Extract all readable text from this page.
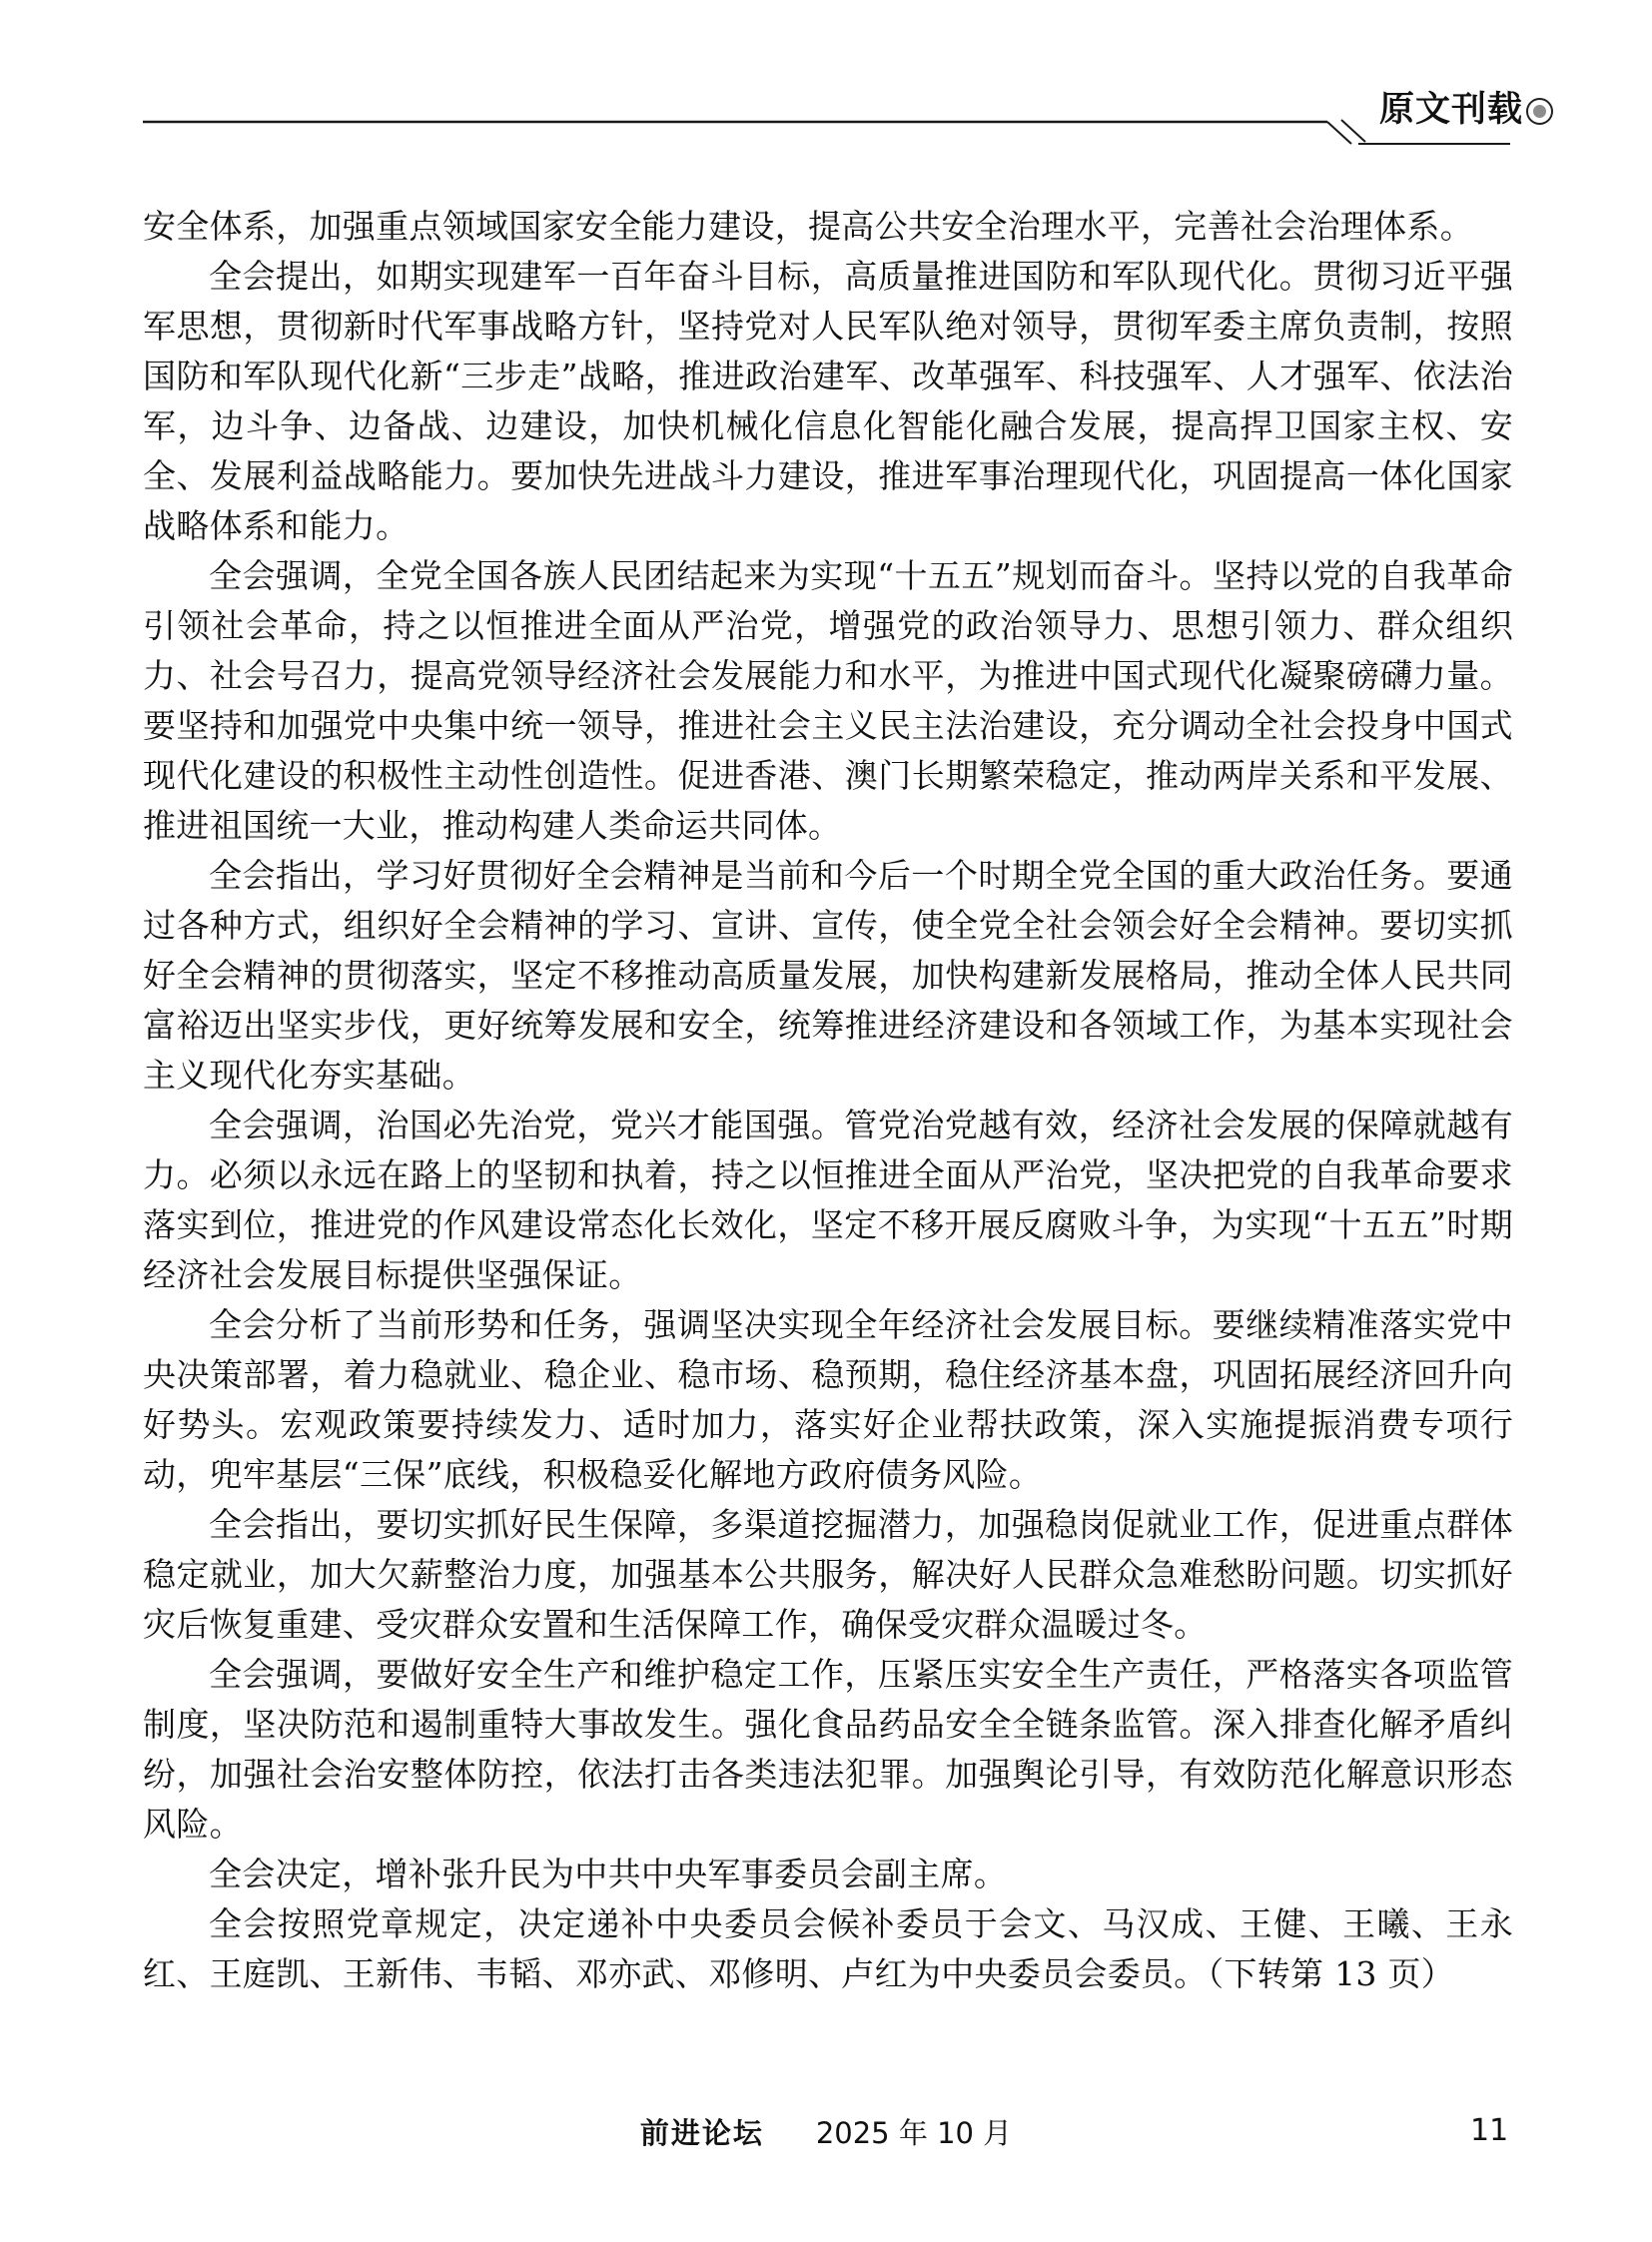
原文刊载

安全体系，加强重点领域国家安全能力建设，提高公共安全治理水平，完善社会治理体系。

全会提出，如期实现建军一百年奋斗目标，高质量推进国防和军队现代化。贯彻习近平强军思想，贯彻新时代军事战略方针，坚持党对人民军队绝对领导，贯彻军委主席负责制，按照国防和军队现代化新“三步走”战略，推进政治建军、改革强军、科技强军、人才强军、依法治军，边斗争、边备战、边建设，加快机械化信息化智能化融合发展，提高捍卫国家主权、安全、发展利益战略能力。要加快先进战斗力建设，推进军事治理现代化，巩固提高一体化国家战略体系和能力。

全会强调，全党全国各族人民团结起来为实现“十五五”规划而奋斗。坚持以党的自我革命引领社会革命，持之以恒推进全面从严治党，增强党的政治领导力、思想引领力、群众组织力、社会号召力，提高党领导经济社会发展能力和水平，为推进中国式现代化凝聚磅礴力量。要坚持和加强党中央集中统一领导，推进社会主义民主法治建设，充分调动全社会投身中国式现代化建设的积极性主动性创造性。促进香港、澳门长期繁荣稳定，推动两岸关系和平发展、推进祖国统一大业，推动构建人类命运共同体。

全会指出，学习好贯彻好全会精神是当前和今后一个时期全党全国的重大政治任务。要通过各种方式，组织好全会精神的学习、宣讲、宣传，使全党全社会领会好全会精神。要切实抓好全会精神的贯彻落实，坚定不移推动高质量发展，加快构建新发展格局，推动全体人民共同富裕迈出坚实步伐，更好统筹发展和安全，统筹推进经济建设和各领域工作，为基本实现社会主义现代化夯实基础。

全会强调，治国必先治党，党兴才能国强。管党治党越有效，经济社会发展的保障就越有力。必须以永远在路上的坚韧和执着，持之以恒推进全面从严治党，坚决把党的自我革命要求落实到位，推进党的作风建设常态化长效化，坚定不移开展反腐败斗争，为实现“十五五”时期经济社会发展目标提供坚强保证。

全会分析了当前形势和任务，强调坚决实现全年经济社会发展目标。要继续精准落实党中央决策部署，着力稳就业、稳企业、稳市场、稳预期，稳住经济基本盘，巩固拓展经济回升向好势头。宏观政策要持续发力、适时加力，落实好企业帮扶政策，深入实施提振消费专项行动，兜牢基层“三保”底线，积极稳妥化解地方政府债务风险。

全会指出，要切实抓好民生保障，多渠道挖掘潜力，加强稳岗促就业工作，促进重点群体稳定就业，加大欠薪整治力度，加强基本公共服务，解决好人民群众急难愁盼问题。切实抓好灾后恢复重建、受灾群众安置和生活保障工作，确保受灾群众温暖过冬。

全会强调，要做好安全生产和维护稳定工作，压紧压实安全生产责任，严格落实各项监管制度，坚决防范和遏制重特大事故发生。强化食品药品安全全链条监管。深入排查化解矛盾纠纷，加强社会治安整体防控，依法打击各类违法犯罪。加强舆论引导，有效防范化解意识形态风险。

全会决定，增补张升民为中共中央军事委员会副主席。

全会按照党章规定，决定递补中央委员会候补委员于会文、马汉成、王健、王曦、王永红、王庭凯、王新伟、韦韬、邓亦武、邓修明、卢红为中央委员会委员。（下转第 13 页）

前进论坛 2025 年 10 月	11
